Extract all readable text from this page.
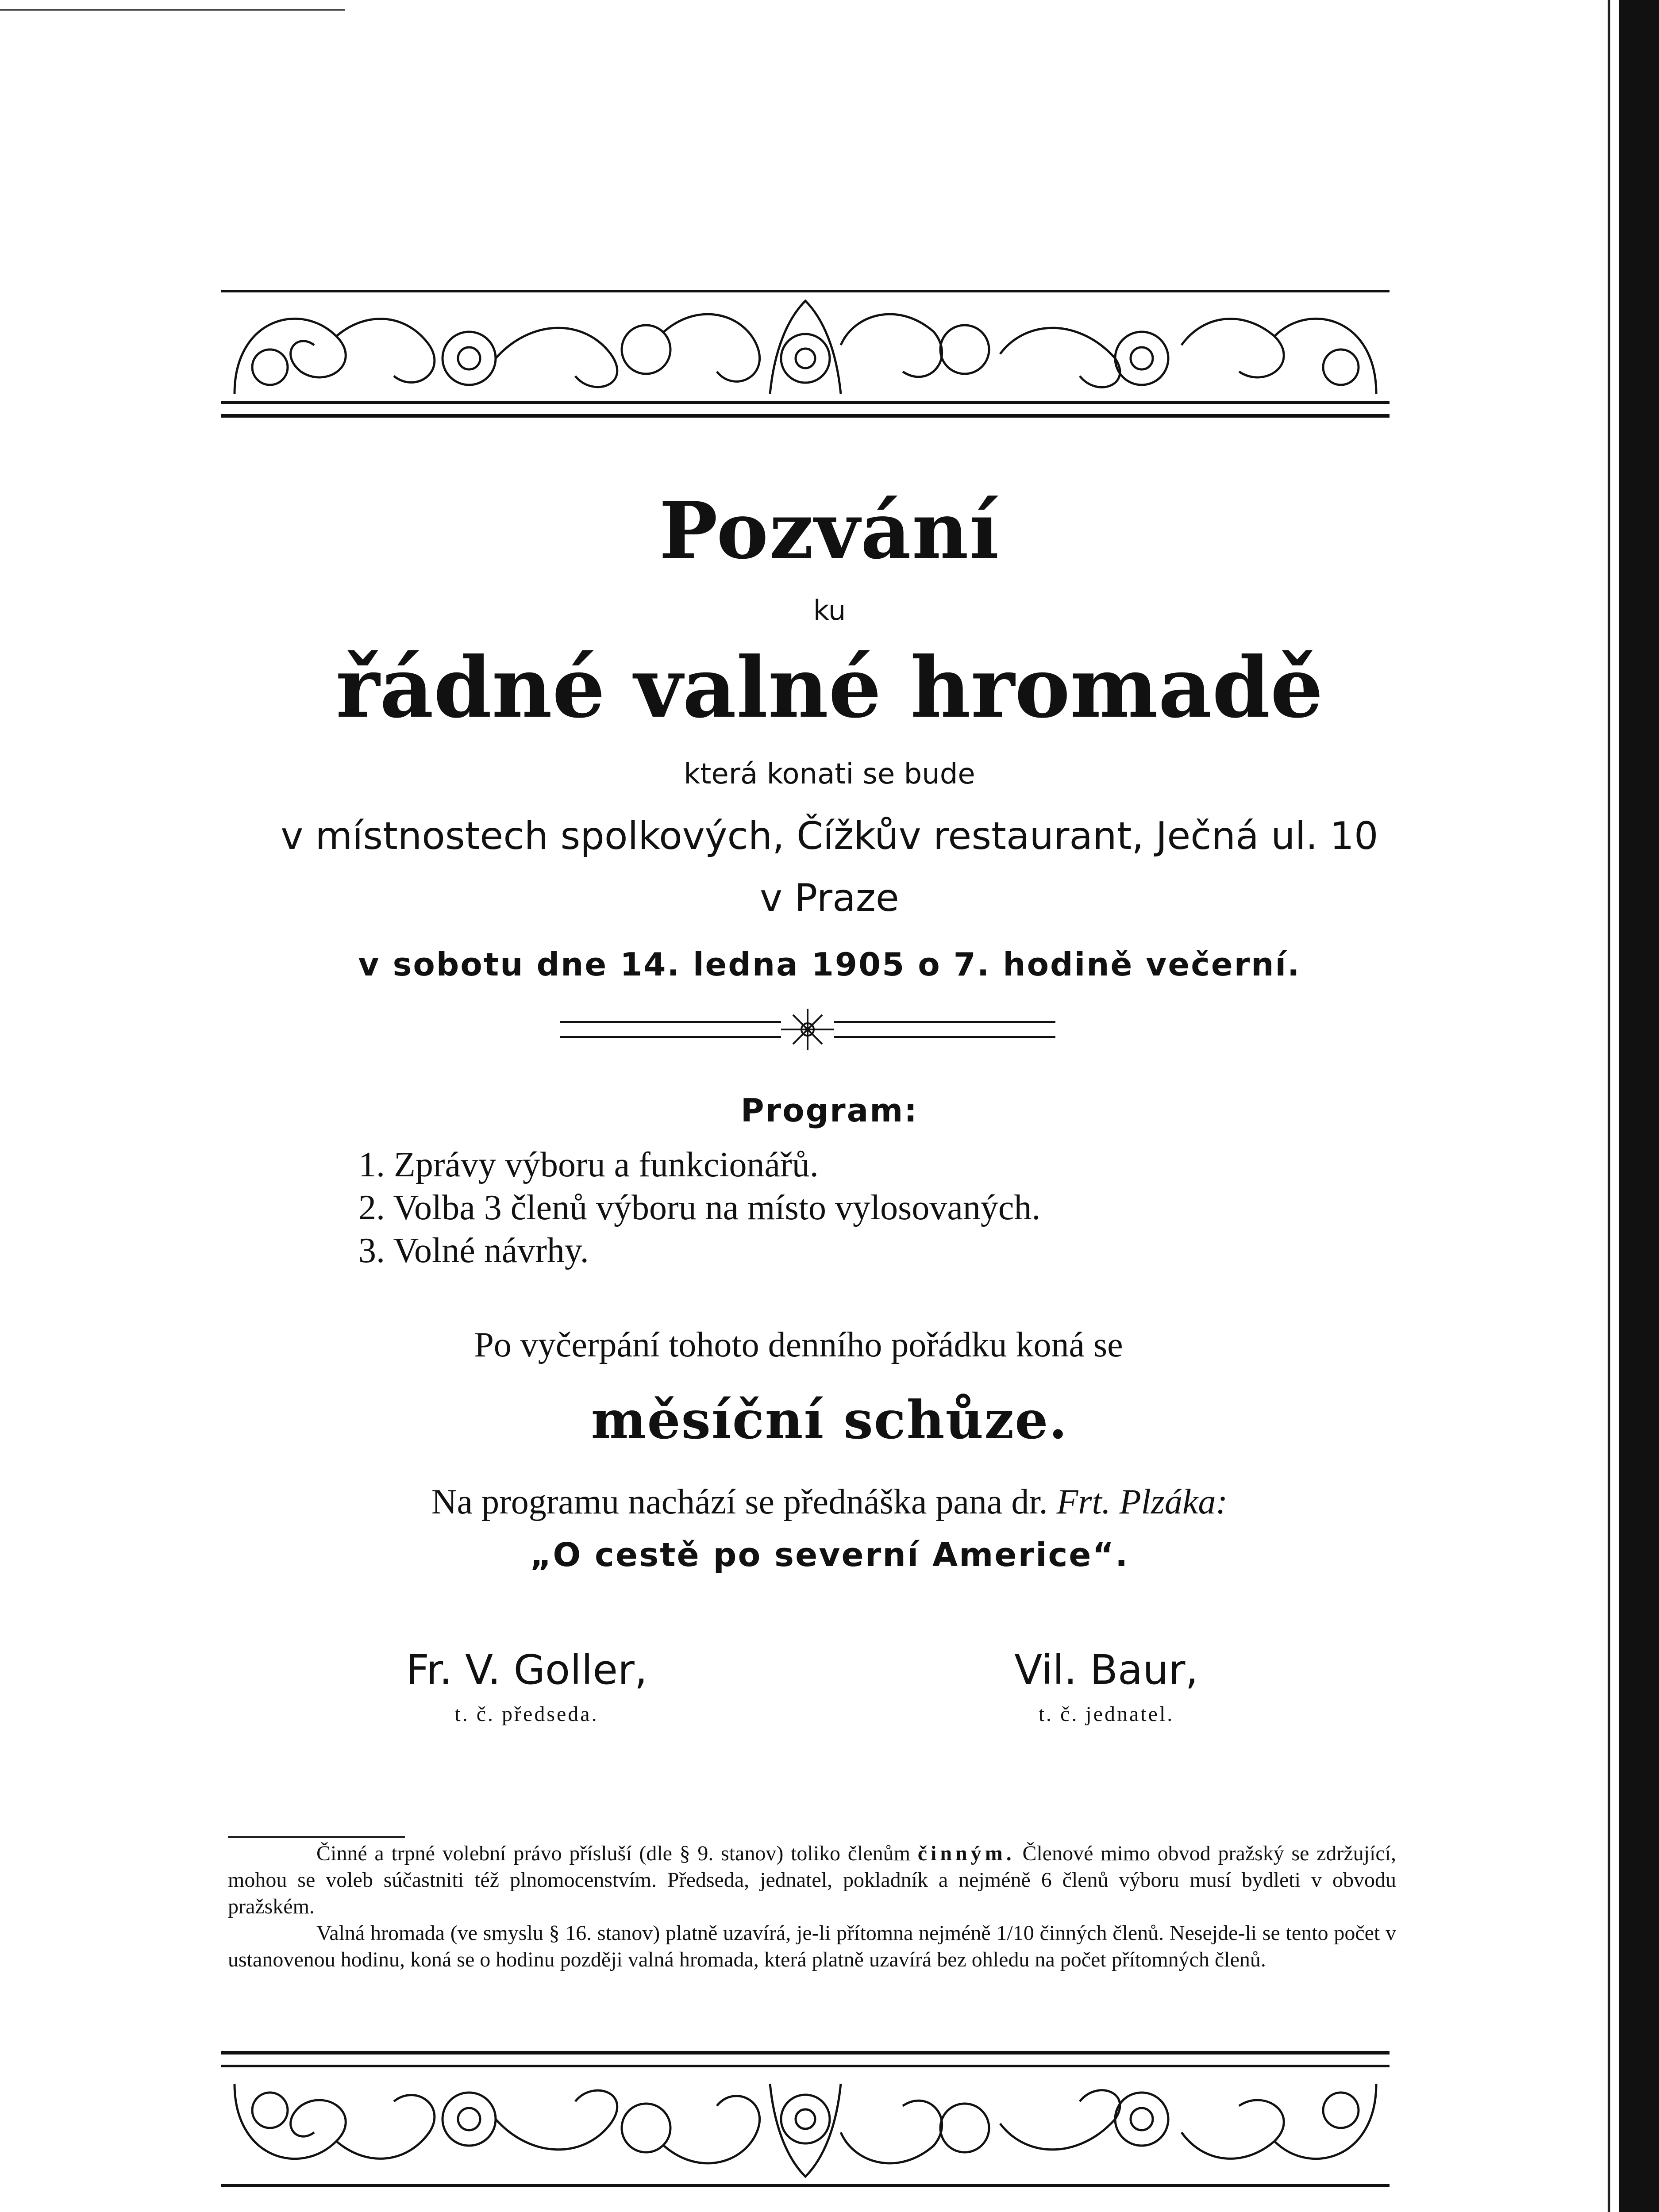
Pozvání

ku

řádné valné hromadě

která konati se bude

v místnostech spolkových, Čížkův restaurant, Ječná ul. 10

v Praze

v sobotu dne 14. ledna 1905 o 7. hodině večerní.

Program:
1. Zprávy výboru a funkcionářů.
2. Volba 3 členů výboru na místo vylosovaných.
3. Volné návrhy.

Po vyčerpání tohoto denního pořádku koná se

měsíční schůze.

Na programu nachází se přednáška pana dr. Frt. Plzáka:

„O cestě po severní Americe“.

Fr. V. Goller,
t. č. předseda.
Vil. Baur,
t. č. jednatel.

Činné a trpné volební právo přísluší (dle § 9. stanov) toliko členům činným. Členové mimo obvod pražský se zdržující, mohou se voleb súčastniti též plnomocenstvím. Předseda, jednatel, pokladník a nejméně 6 členů výboru musí bydleti v obvodu pražském.

Valná hromada (ve smyslu § 16. stanov) platně uzavírá, je-li přítomna nejméně 1/10 činných členů. Nesejde-li se tento počet v ustanovenou hodinu, koná se o hodinu později valná hromada, která platně uzavírá bez ohledu na počet přítomných členů.
